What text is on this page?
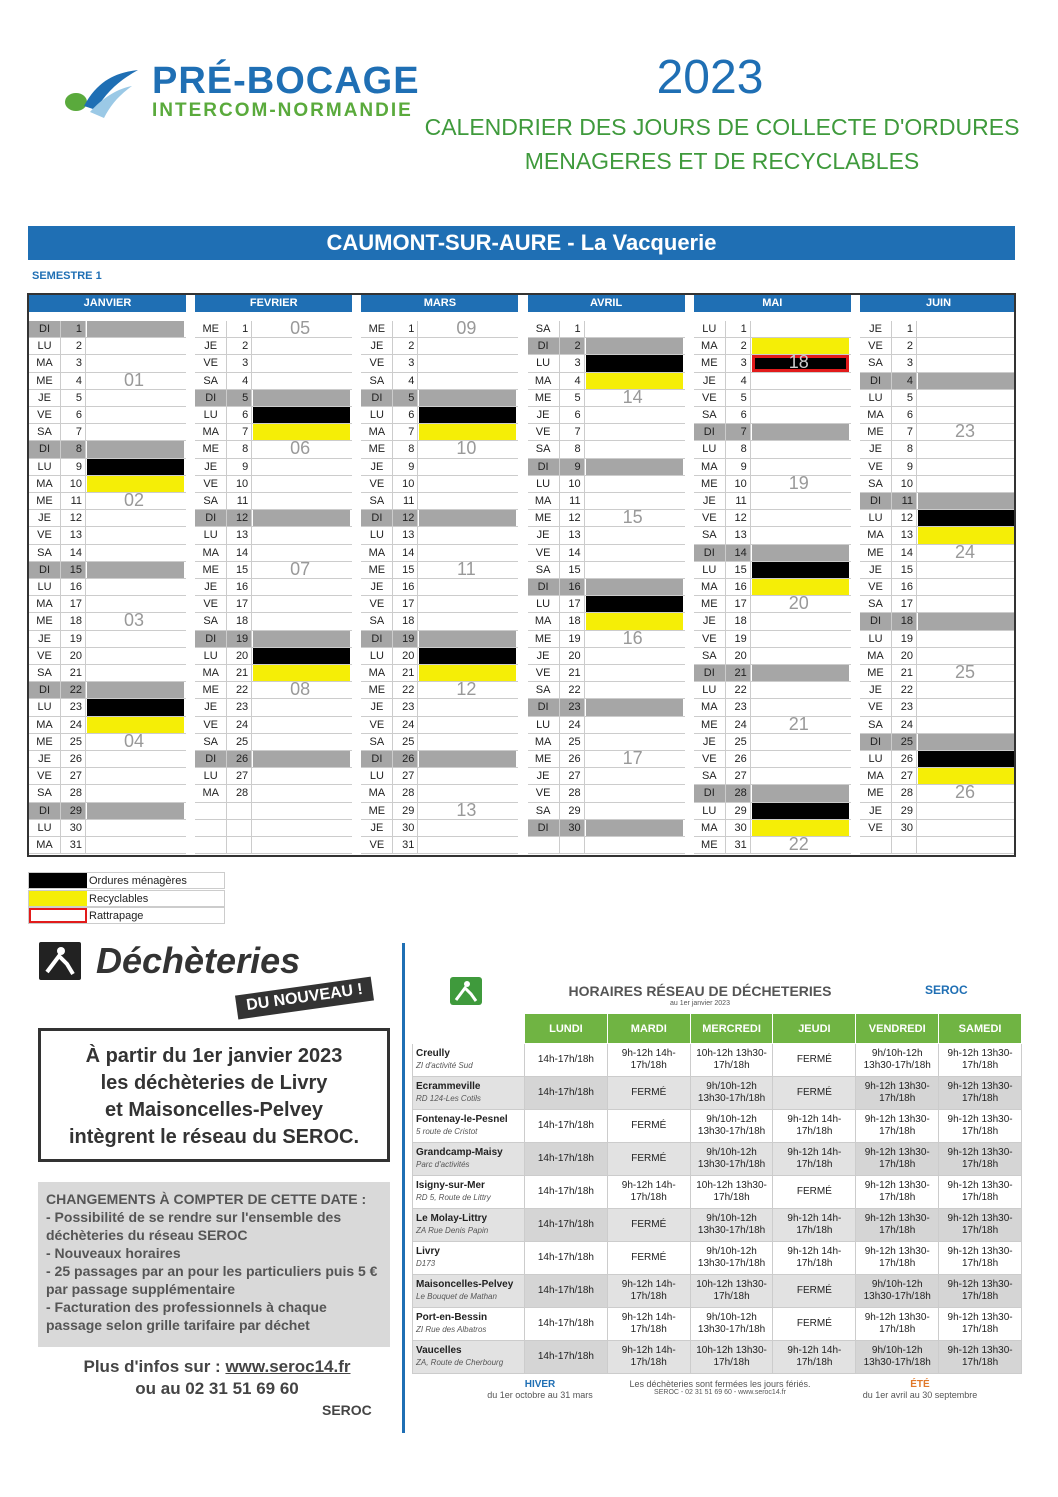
PRÉ-BOCAGE
INTERCOM-NORMANDIE
2023
CALENDRIER DES JOURS DE COLLECTE D'ORDURES
MENAGERES ET DE RECYCLABLES
CAUMONT-SUR-AURE - La Vacquerie
SEMESTRE 1
JANVIER
DI	1
LU	2
MA	3
ME	4
JE	5
VE	6
SA	7
DI	8
LU	9
MA	10
ME	11
JE	12
VE	13
SA	14
DI	15
LU	16
MA	17
ME	18
JE	19
VE	20
SA	21
DI	22
LU	23
MA	24
ME	25
JE	26
VE	27
SA	28
DI	29
LU	30
MA	31
01
02
03
04
FEVRIER
ME	1
JE	2
VE	3
SA	4
DI	5
LU	6
MA	7
ME	8
JE	9
VE	10
SA	11
DI	12
LU	13
MA	14
ME	15
JE	16
VE	17
SA	18
DI	19
LU	20
MA	21
ME	22
JE	23
VE	24
SA	25
DI	26
LU	27
MA	28
05
06
07
08
MARS
ME	1
JE	2
VE	3
SA	4
DI	5
LU	6
MA	7
ME	8
JE	9
VE	10
SA	11
DI	12
LU	13
MA	14
ME	15
JE	16
VE	17
SA	18
DI	19
LU	20
MA	21
ME	22
JE	23
VE	24
SA	25
DI	26
LU	27
MA	28
ME	29
JE	30
VE	31
09
10
11
12
13
AVRIL
SA	1
DI	2
LU	3
MA	4
ME	5
JE	6
VE	7
SA	8
DI	9
LU	10
MA	11
ME	12
JE	13
VE	14
SA	15
DI	16
LU	17
MA	18
ME	19
JE	20
VE	21
SA	22
DI	23
LU	24
MA	25
ME	26
JE	27
VE	28
SA	29
DI	30
14
15
16
17
MAI
LU	1
MA	2
ME	3
JE	4
VE	5
SA	6
DI	7
LU	8
MA	9
ME	10
JE	11
VE	12
SA	13
DI	14
LU	15
MA	16
ME	17
JE	18
VE	19
SA	20
DI	21
LU	22
MA	23
ME	24
JE	25
VE	26
SA	27
DI	28
LU	29
MA	30
ME	31
18
19
20
21
22
JUIN
JE	1
VE	2
SA	3
DI	4
LU	5
MA	6
ME	7
JE	8
VE	9
SA	10
DI	11
LU	12
MA	13
ME	14
JE	15
VE	16
SA	17
DI	18
LU	19
MA	20
ME	21
JE	22
VE	23
SA	24
DI	25
LU	26
MA	27
ME	28
JE	29
VE	30
23
24
25
26
Ordures ménagères
Recyclables
Rattrapage
Déchèteries
DU NOUVEAU !
À partir du 1er janvier 2023
les déchèteries de Livry
et Maisoncelles-Pelvey
intègrent le réseau du SEROC.
CHANGEMENTS À COMPTER DE CETTE DATE :
- Possibilité de se rendre sur l'ensemble des déchèteries du réseau SEROC
- Nouveaux horaires
- 25 passages par an pour les particuliers puis 5 € par passage supplémentaire
- Facturation des professionnels à chaque passage selon grille tarifaire par déchet
Plus d'infos sur : www.seroc14.fr
ou au 02 31 51 69 60
SEROC
HORAIRES RÉSEAU DE DÉCHETERIES
au 1er janvier 2023
SEROC
	LUNDI	MARDI	MERCREDI	JEUDI	VENDREDI	SAMEDI
Creully
ZI d'activité Sud	14h-17h/18h	9h-12h 14h-17h/18h	10h-12h 13h30-17h/18h	FERMÉ	9h/10h-12h 13h30-17h/18h	9h-12h 13h30-17h/18h
Ecrammeville
RD 124-Les Cotils	14h-17h/18h	FERMÉ	9h/10h-12h 13h30-17h/18h	FERMÉ	9h-12h 13h30-17h/18h	9h-12h 13h30-17h/18h
Fontenay-le-Pesnel
5 route de Cristot	14h-17h/18h	FERMÉ	9h/10h-12h 13h30-17h/18h	9h-12h 14h-17h/18h	9h-12h 13h30-17h/18h	9h-12h 13h30-17h/18h
Grandcamp-Maisy
Parc d'activités	14h-17h/18h	FERMÉ	9h/10h-12h 13h30-17h/18h	9h-12h 14h-17h/18h	9h-12h 13h30-17h/18h	9h-12h 13h30-17h/18h
Isigny-sur-Mer
RD 5, Route de Littry	14h-17h/18h	9h-12h 14h-17h/18h	10h-12h 13h30-17h/18h	FERMÉ	9h-12h 13h30-17h/18h	9h-12h 13h30-17h/18h
Le Molay-Littry
ZA Rue Denis Papin	14h-17h/18h	FERMÉ	9h/10h-12h 13h30-17h/18h	9h-12h 14h-17h/18h	9h-12h 13h30-17h/18h	9h-12h 13h30-17h/18h
Livry
D173	14h-17h/18h	FERMÉ	9h/10h-12h 13h30-17h/18h	9h-12h 14h-17h/18h	9h-12h 13h30-17h/18h	9h-12h 13h30-17h/18h
Maisoncelles-Pelvey
Le Bouquet de Mathan	14h-17h/18h	9h-12h 14h-17h/18h	10h-12h 13h30-17h/18h	FERMÉ	9h/10h-12h 13h30-17h/18h	9h-12h 13h30-17h/18h
Port-en-Bessin
ZI Rue des Albatros	14h-17h/18h	9h-12h 14h-17h/18h	9h/10h-12h 13h30-17h/18h	FERMÉ	9h-12h 13h30-17h/18h	9h-12h 13h30-17h/18h
Vaucelles
ZA, Route de Cherbourg	14h-17h/18h	9h-12h 14h-17h/18h	10h-12h 13h30-17h/18h	9h-12h 14h-17h/18h	9h/10h-12h 13h30-17h/18h	9h-12h 13h30-17h/18h
HIVER
du 1er octobre au 31 mars
Les déchèteries sont fermées les jours fériés.
SEROC - 02 31 51 69 60 - www.seroc14.fr
ÉTÉ
du 1er avril au 30 septembre
